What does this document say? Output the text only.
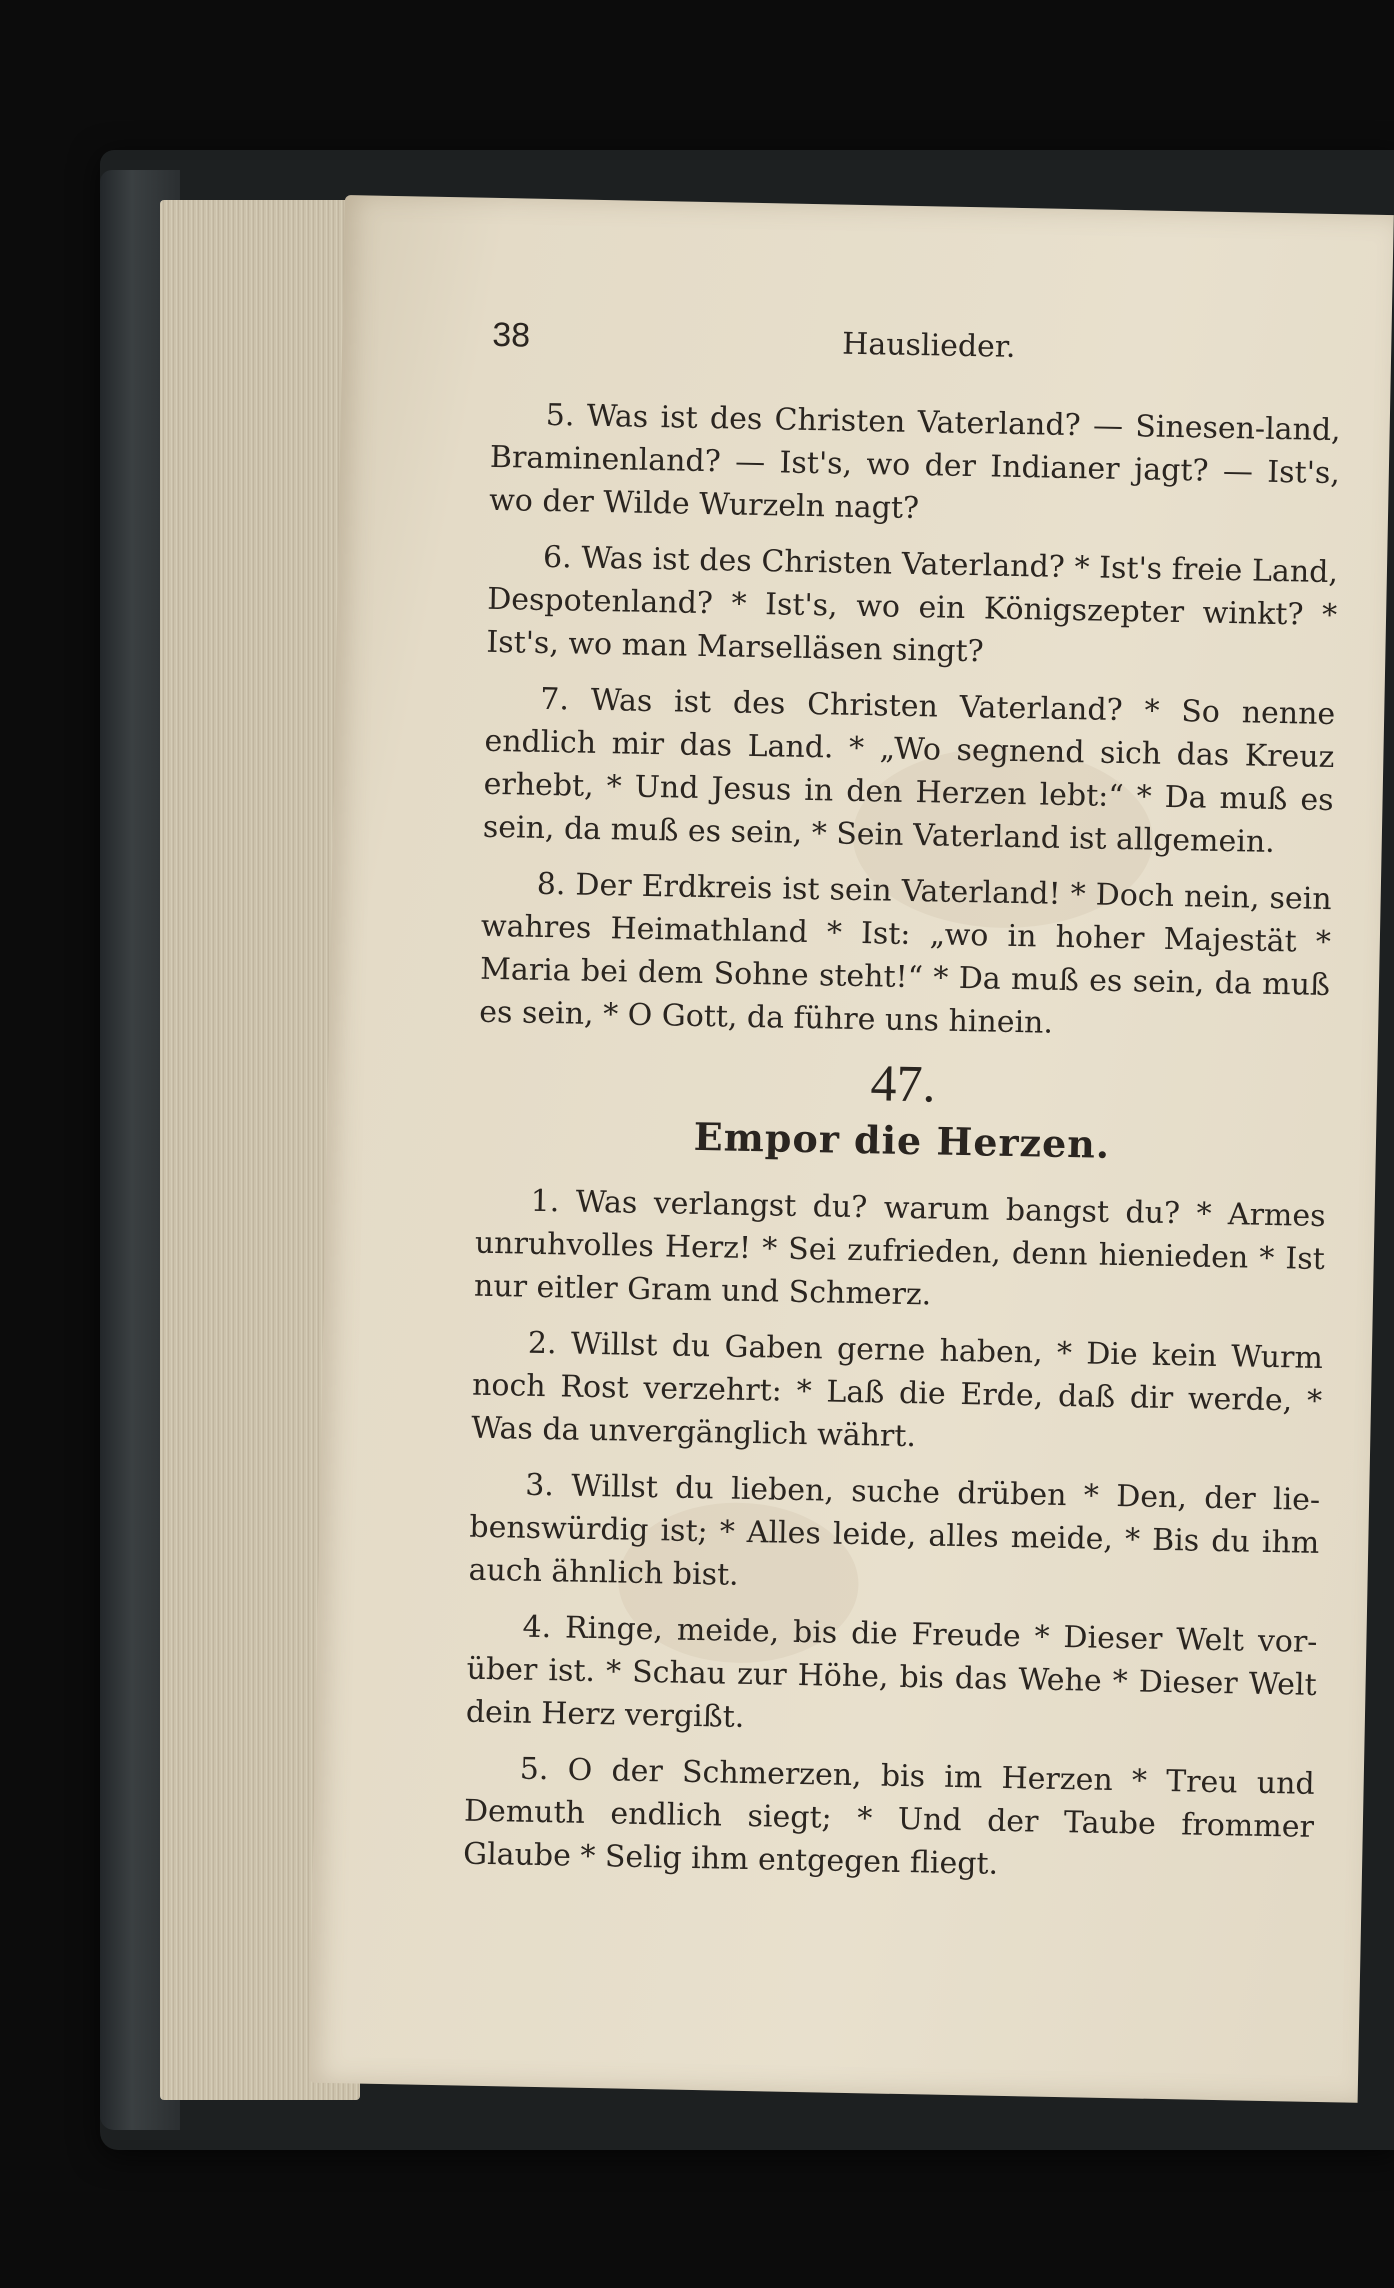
38	Hauslieder.

5. Was ist des Christen Vaterland? — Sinesen-land, Braminenland? — Ist's, wo der Indianer jagt? — Ist's, wo der Wilde Wurzeln nagt?

6. Was ist des Christen Vaterland? * Ist's freie Land, Despotenland? * Ist's, wo ein Königszepter winkt? * Ist's, wo man Marselläsen singt?

7. Was ist des Christen Vaterland? * So nenne endlich mir das Land. * „Wo segnend sich das Kreuz erhebt, * Und Jesus in den Herzen lebt:“ * Da muß es sein, da muß es sein, * Sein Vaterland ist allgemein.

8. Der Erdkreis ist sein Vaterland! * Doch nein, sein wahres Heimathland * Ist: „wo in hoher Majestät * Maria bei dem Sohne steht!“ * Da muß es sein, da muß es sein, * O Gott, da führe uns hinein.

47.
Empor die Herzen.

1. Was verlangst du? warum bangst du? * Armes unruhvolles Herz! * Sei zufrieden, denn hienieden * Ist nur eitler Gram und Schmerz.

2. Willst du Gaben gerne haben, * Die kein Wurm noch Rost verzehrt: * Laß die Erde, daß dir werde, * Was da unvergänglich währt.

3. Willst du lieben, suche drüben * Den, der lie-benswürdig ist; * Alles leide, alles meide, * Bis du ihm auch ähnlich bist.

4. Ringe, meide, bis die Freude * Dieser Welt vor-über ist. * Schau zur Höhe, bis das Wehe * Dieser Welt dein Herz vergißt.

5. O der Schmerzen, bis im Herzen * Treu und Demuth endlich siegt; * Und der Taube frommer Glaube * Selig ihm entgegen fliegt.
